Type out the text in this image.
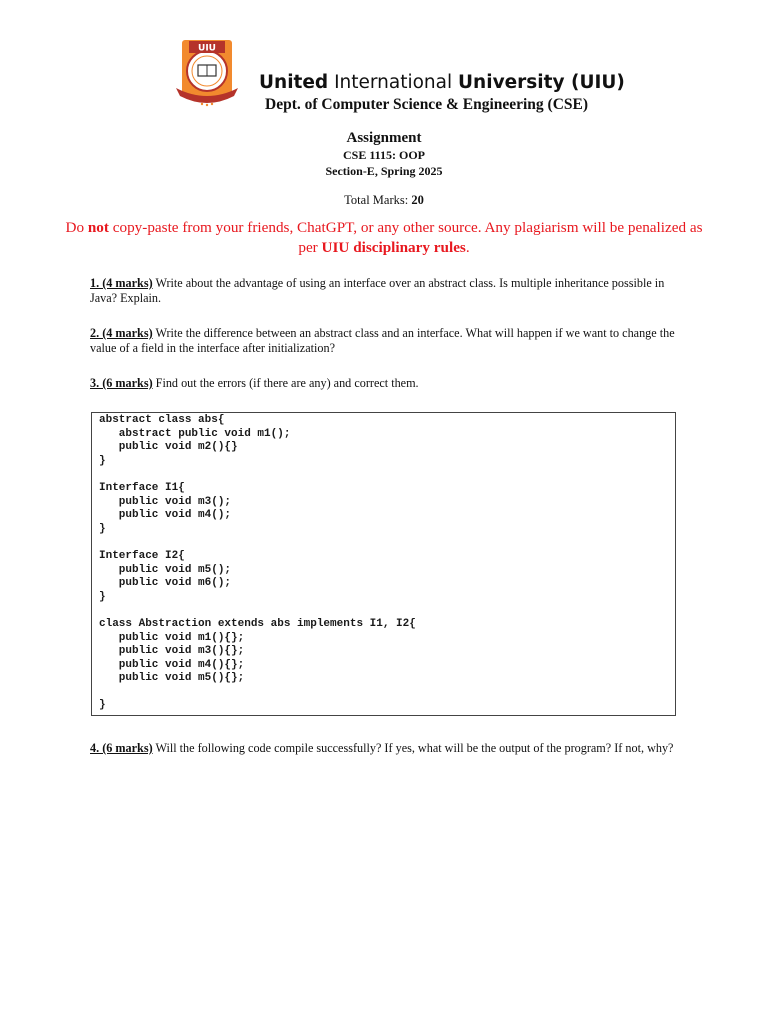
UIU
United International University (UIU)
Dept. of Computer Science & Engineering (CSE)
Assignment
CSE 1115: OOP
Section-E, Spring 2025
Total Marks: 20
Do not copy-paste from your friends, ChatGPT, or any other source. Any plagiarism will be penalized as per UIU disciplinary rules.
1. (4 marks) Write about the advantage of using an interface over an abstract class. Is multiple inheritance possible in Java? Explain.
2. (4 marks) Write the difference between an abstract class and an interface. What will happen if we want to change the value of a field in the interface after initialization?
3. (6 marks) Find out the errors (if there are any) and correct them.
abstract class abs{
abstract public void m1();
public void m2(){}
}

Interface I1{
public void m3();
public void m4();
}

Interface I2{
public void m5();
public void m6();
}

class Abstraction extends abs implements I1, I2{
public void m1(){};
public void m3(){};
public void m4(){};
public void m5(){};

}
4. (6 marks) Will the following code compile successfully? If yes, what will be the output of the program? If not, why?
